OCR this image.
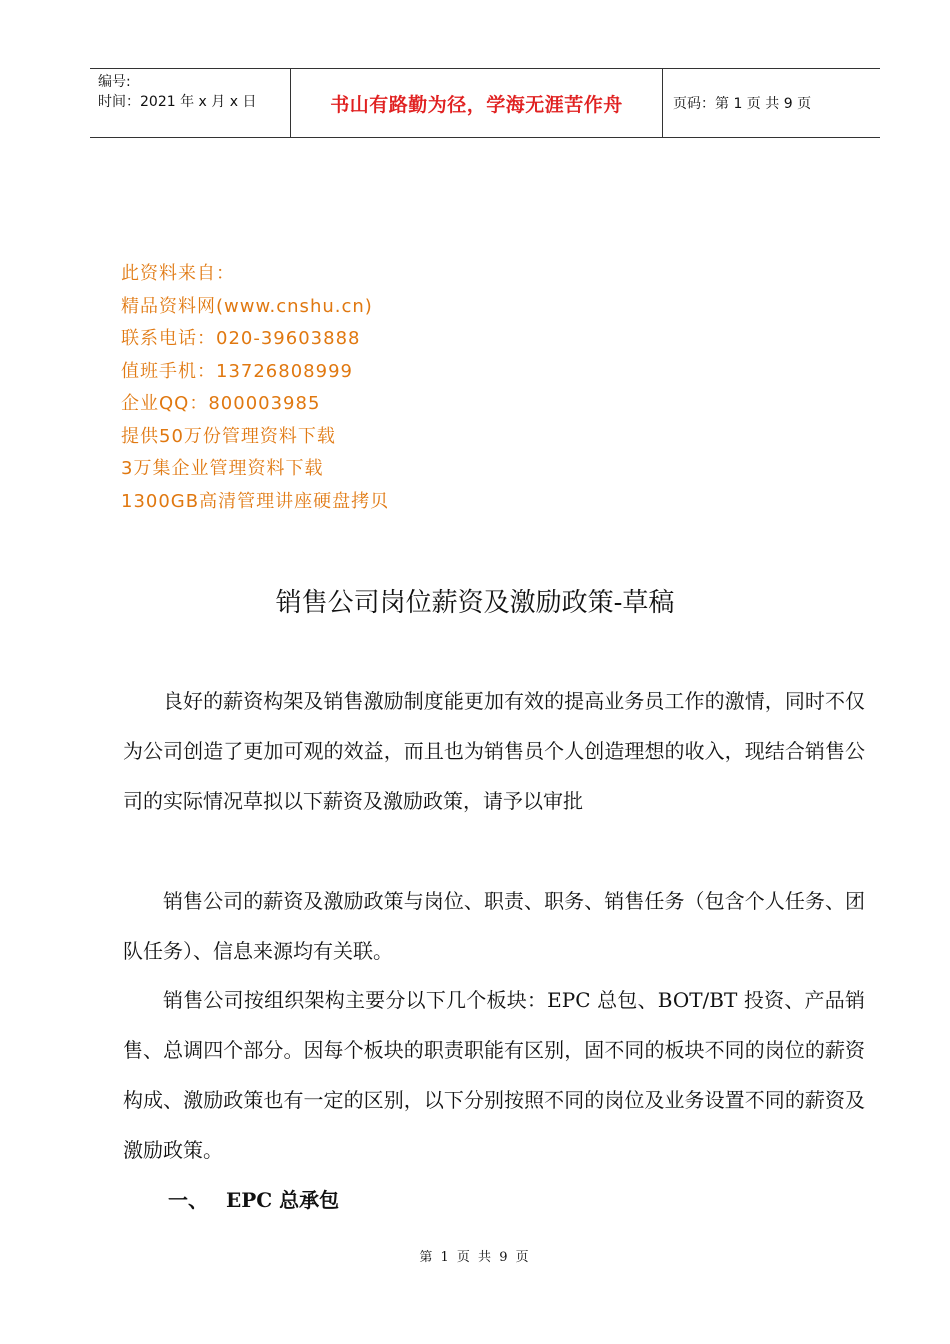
编号:
时间：2021 年 x 月 x 日	书山有路勤为径，学海无涯苦作舟	页码：第 1 页 共 9 页
此资料来自：
精品资料网(www.cnshu.cn)
联系电话：020-39603888
值班手机：13726808999
企业QQ：800003985
提供50万份管理资料下载
3万集企业管理资料下载
1300GB高清管理讲座硬盘拷贝
销售公司岗位薪资及激励政策-草稿

良好的薪资构架及销售激励制度能更加有效的提高业务员工作的激情，同时不仅为公司创造了更加可观的效益，而且也为销售员个人创造理想的收入，现结合销售公司的实际情况草拟以下薪资及激励政策，请予以审批

销售公司的薪资及激励政策与岗位、职责、职务、销售任务（包含个人任务、团队任务）、信息来源均有关联。

销售公司按组织架构主要分以下几个板块：EPC 总包、BOT/BT 投资、产品销售、总调四个部分。因每个板块的职责职能有区别，固不同的板块不同的岗位的薪资构成、激励政策也有一定的区别，以下分别按照不同的岗位及业务设置不同的薪资及激励政策。

一、 EPC 总承包
第 1 页 共 9 页
